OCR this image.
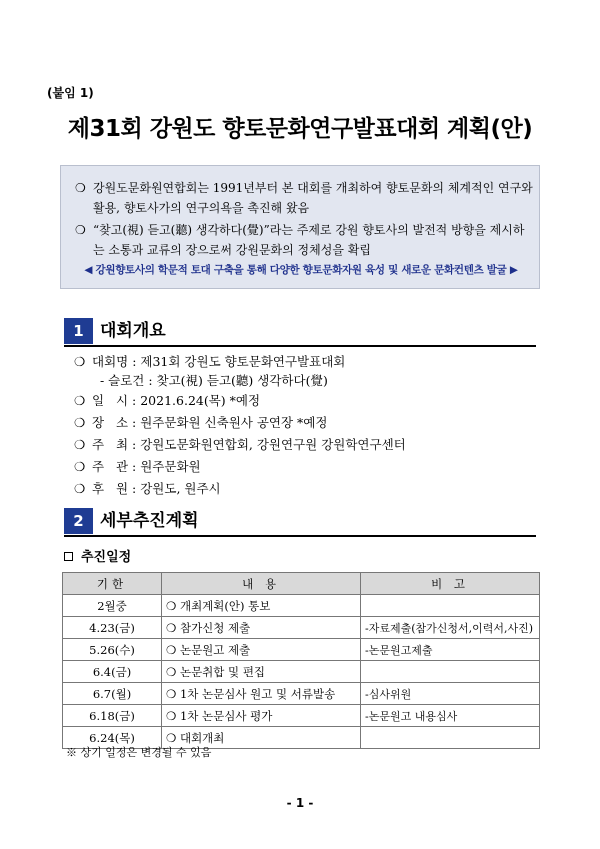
(붙임 1)
제31회 강원도 향토문화연구발표대회 계획(안)
❍ 강원도문화원연합회는 1991년부터 본 대회를 개최하여 향토문화의 체계적인 연구와 활용, 향토사가의 연구의욕을 촉진해 왔음
❍ “찾고(視) 듣고(聽) 생각하다(覺)”라는 주제로 강원 향토사의 발전적 방향을 제시하는 소통과 교류의 장으로써 강원문화의 정체성을 확립
◀ 강원향토사의 학문적 토대 구축을 통해 다양한 향토문화자원 육성 및 새로운 문화컨텐츠 발굴 ▶
1 대회개요
❍ 대회명 : 제31회 강원도 향토문화연구발표대회
- 슬로건 : 찾고(視) 듣고(聽) 생각하다(覺)
❍ 일   시 : 2021.6.24(목) *예정
❍ 장   소 : 원주문화원 신축원사 공연장 *예정
❍ 주   최 : 강원도문화원연합회, 강원연구원 강원학연구센터
❍ 주   관 : 원주문화원
❍ 후   원 : 강원도, 원주시
2 세부추진계획
추진일정
기한	내 용	비 고
2월중	❍ 개최계획(안) 통보	
4.23(금)	❍ 참가신청 제출	-자료제출(참가신청서,이력서,사진)
5.26(수)	❍ 논문원고 제출	-논문원고제출
6.4(금)	❍ 논문취합 및 편집	
6.7(월)	❍ 1차 논문심사 원고 및 서류발송	-심사위원
6.18(금)	❍ 1차 논문심사 평가	-논문원고 내용심사
6.24(목)	❍ 대회개최	
※ 상기 일정은 변경될 수 있음
- 1 -
